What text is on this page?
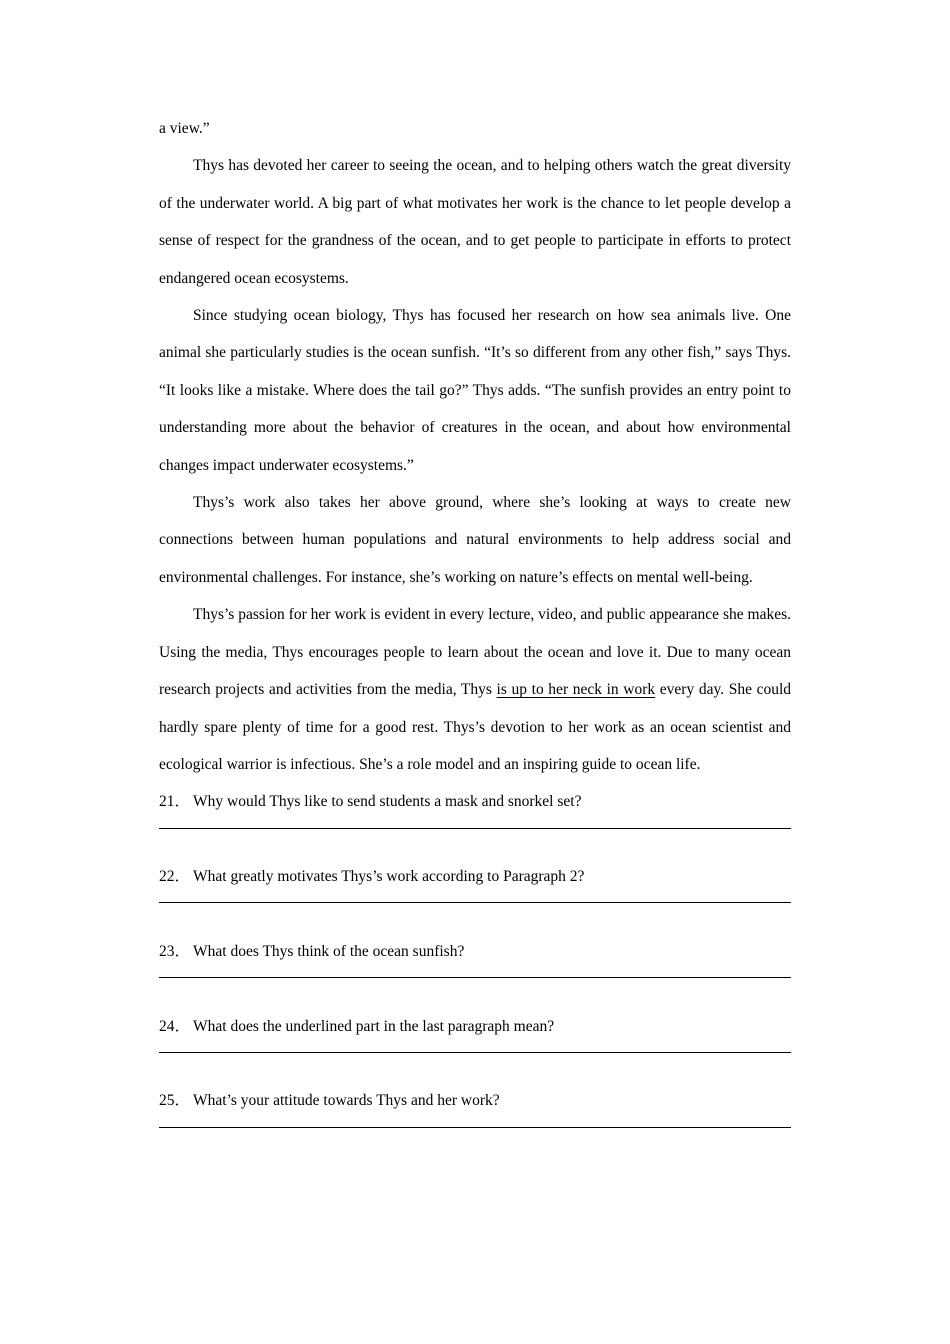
a view.”

Thys has devoted her career to seeing the ocean, and to helping others watch the great diversity of the underwater world. A big part of what motivates her work is the chance to let people develop a sense of respect for the grandness of the ocean, and to get people to participate in efforts to protect endangered ocean ecosystems.

Since studying ocean biology, Thys has focused her research on how sea animals live. One animal she particularly studies is the ocean sunfish. “It’s so different from any other fish,” says Thys. “It looks like a mistake. Where does the tail go?” Thys adds. “The sunfish provides an entry point to understanding more about the behavior of creatures in the ocean, and about how environmental changes impact underwater ecosystems.”

Thys’s work also takes her above ground, where she’s looking at ways to create new connections between human populations and natural environments to help address social and environmental challenges. For instance, she’s working on nature’s effects on mental well-being.

Thys’s passion for her work is evident in every lecture, video, and public appearance she makes. Using the media, Thys encourages people to learn about the ocean and love it. Due to many ocean research projects and activities from the media, Thys is up to her neck in work every day. She could hardly spare plenty of time for a good rest. Thys’s devotion to her work as an ocean scientist and ecological warrior is infectious. She’s a role model and an inspiring guide to ocean life.

21． Why would Thys like to send students a mask and snorkel set?

22． What greatly motivates Thys’s work according to Paragraph 2?

23． What does Thys think of the ocean sunfish?

24． What does the underlined part in the last paragraph mean?

25． What’s your attitude towards Thys and her work?
